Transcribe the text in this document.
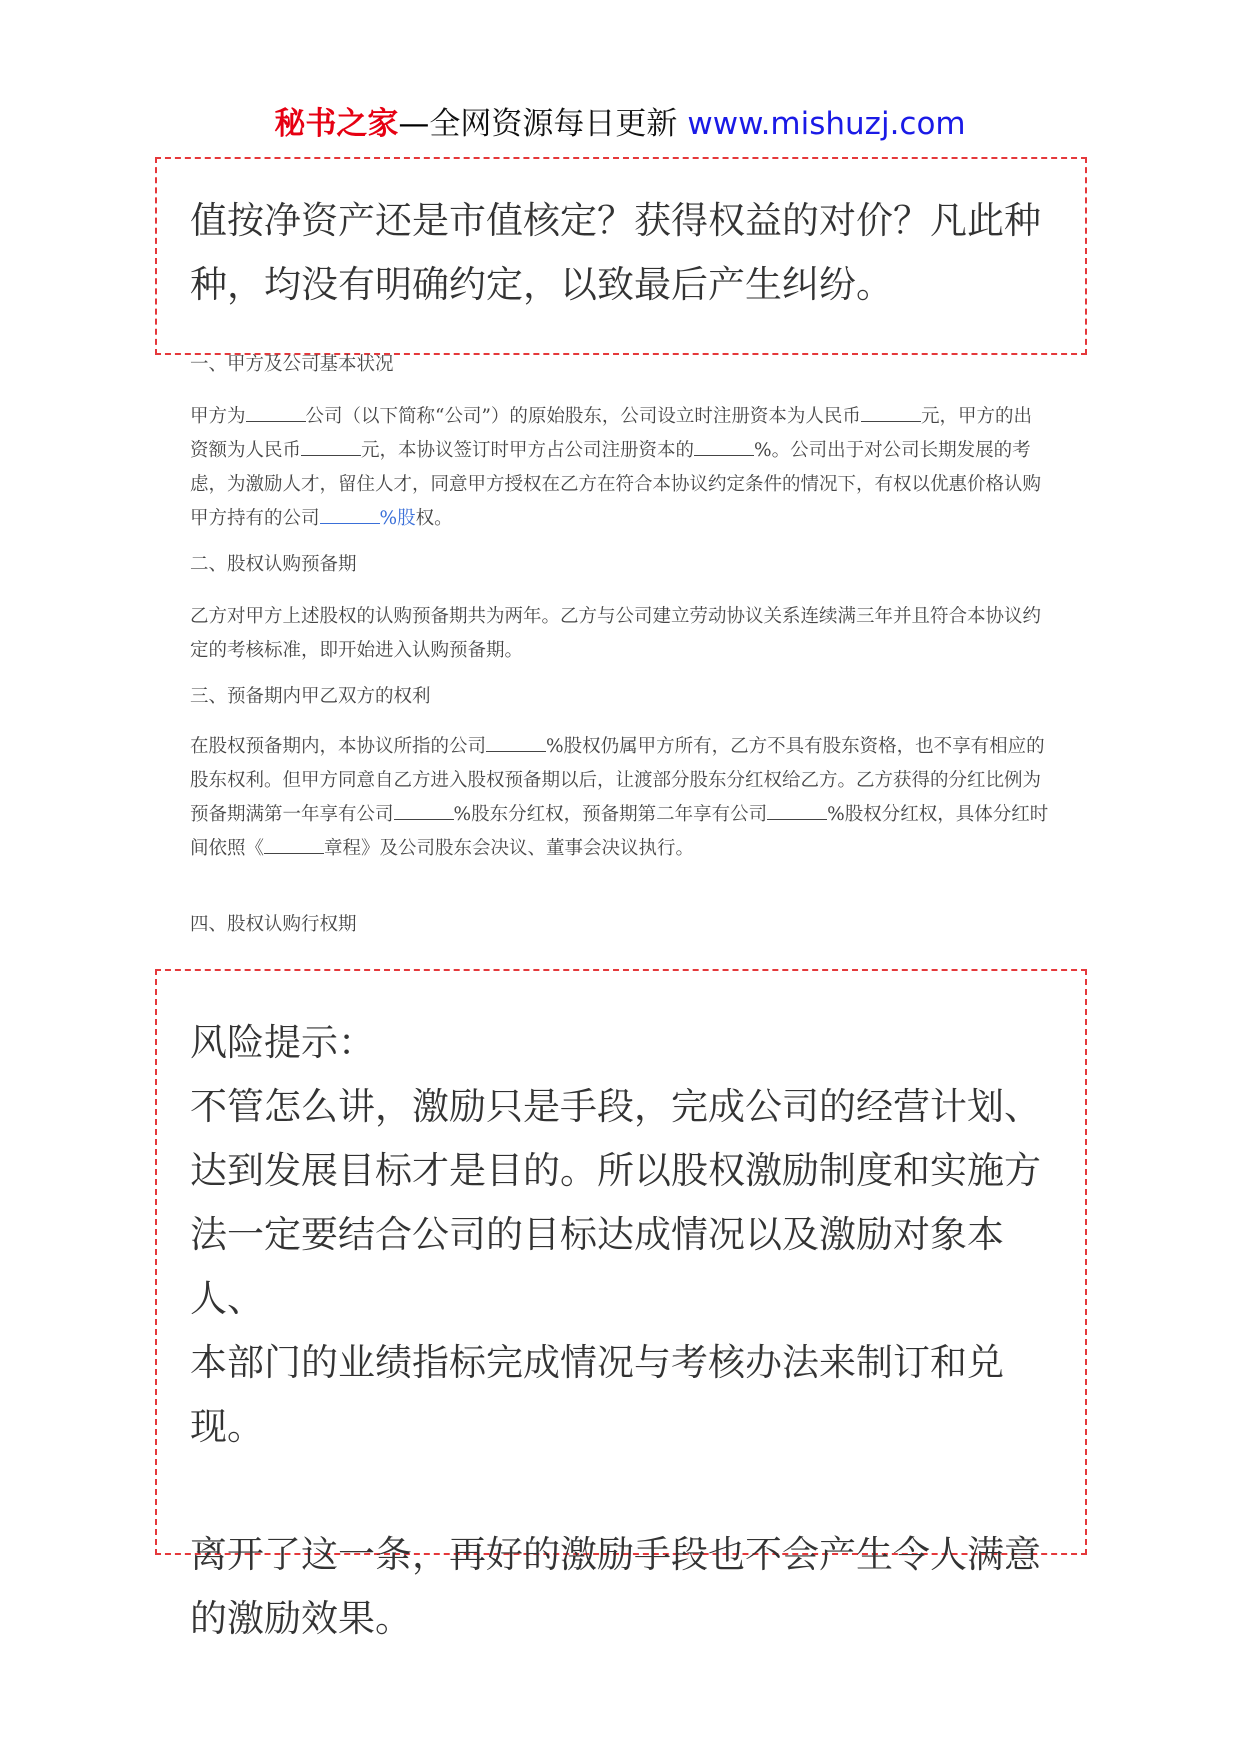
秘书之家—全网资源每日更新 www.mishuzj.com

值按净资产还是市值核定？获得权益的对价？凡此种

种，均没有明确约定，以致最后产生纠纷。

一、甲方及公司基本状况

甲方为	公司（以下简称“公司”）的原始股东，公司设立时注册资本为人民币	元，甲方的出资额为人民币	元，本协议签订时甲方占公司注册资本的	%。公司出于对公司长期发展的考虑，为激励人才，留住人才，同意甲方授权在乙方在符合本协议约定条件的情况下，有权以优惠价格认购甲方持有的公司	%股权。

二、股权认购预备期

乙方对甲方上述股权的认购预备期共为两年。乙方与公司建立劳动协议关系连续满三年并且符合本协议约定的考核标准，即开始进入认购预备期。

三、预备期内甲乙双方的权利

在股权预备期内，本协议所指的公司	%股权仍属甲方所有，乙方不具有股东资格，也不享有相应的股东权利。但甲方同意自乙方进入股权预备期以后，让渡部分股东分红权给乙方。乙方获得的分红比例为预备期满第一年享有公司	%股东分红权，预备期第二年享有公司	%股权分红权，具体分红时间依照《	章程》及公司股东会决议、董事会决议执行。

四、股权认购行权期

风险提示：

不管怎么讲，激励只是手段，完成公司的经营计划、

达到发展目标才是目的。所以股权激励制度和实施方

法一定要结合公司的目标达成情况以及激励对象本人、

本部门的业绩指标完成情况与考核办法来制订和兑现。

离开了这一条，再好的激励手段也不会产生令人满意

的激励效果。
